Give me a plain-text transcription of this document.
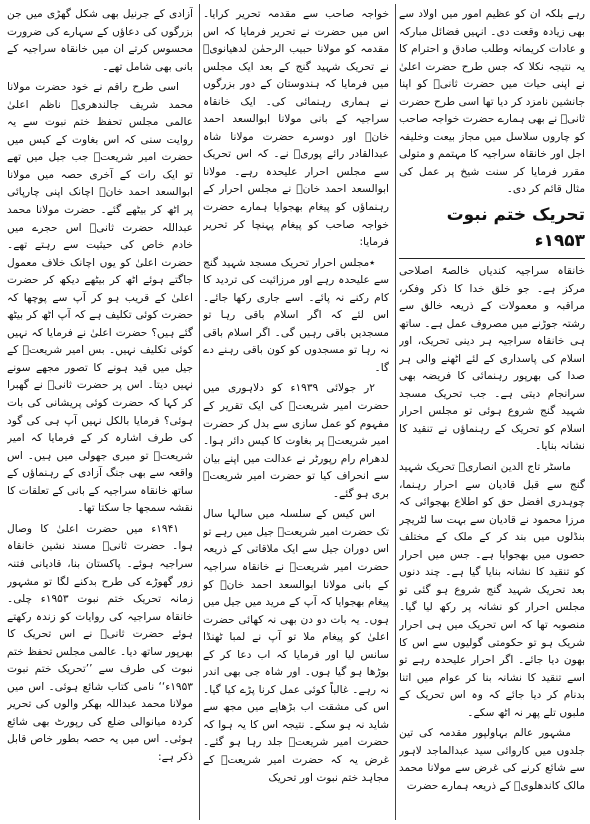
رہے بلکہ ان کو عظیم امور میں اولاد سے بھی زیادہ وقعت دی۔ انہیں فضائل مبارکہ و عادات کریمانہ وطلب صادق و احترام کا یہ نتیجہ نکلا کہ جس طرح حضرت اعلیٰ نے اپنی حیات میں حضرت ثانیؒ کو اپنا جانشین نامزد کر دیا تھا اسی طرح حضرت ثانیؒ نے بھی ہمارے حضرت خواجہ صاحب کو چاروں سلاسل میں مجاز بیعت وخلیفہ اجل اور خانقاہ سراجیہ کا مہتمم و متولی مقرر فرمایا کر سنت شیخ پر عمل کی مثال قائم کر دی۔

تحریک ختم نبوت ۱۹۵۳ء

خانقاہ سراجیہ کندیاں خالصۃً اصلاحی مرکز ہے۔ جو خلق خدا کا ذکر وفکر، مراقبہ و معمولات کے ذریعہ خالق سے رشتہ جوڑنے میں مصروف عمل ہے۔ ساتھ ہی خانقاہ سراجیہ ہر دینی تحریک، اور اسلام کی پاسداری کے لئے اٹھنے والی ہر صدا کی بھرپور رہنمائی کا فریضہ بھی سرانجام دیتی ہے۔ جب تحریک مسجد شہید گنج شروع ہوئی تو مجلس احرار اسلام کو تحریک کے رہنماؤں نے تنقید کا نشانہ بنایا۔

ماسٹر تاج الدین انصاریؒ تحریک شہید گنج سے قبل قادیان سے احرار رہنما، چوہدری افضل حق کو اطلاع بھجوائی کہ مرزا محمود نے قادیان سے بہت سا لٹریچر بنڈلوں میں بند کر کے ملک کے مختلف حصوں میں بھجوایا ہے۔ جس میں احرار کو تنقید کا نشانہ بنایا گیا ہے۔ چند دنوں بعد تحریک شہید گنج شروع ہو گئی تو مجلس احرار کو نشانہ پر رکھ لیا گیا۔ منصوبہ تھا کہ اس تحریک میں ہی احرار شریک ہو تو حکومتی گولیوں سے اس کا بھون دیا جائے۔ اگر احرار علیحدہ رہے تو اسے تنقید کا نشانہ بنا کر عوام میں اتنا بدنام کر دیا جائے کہ وہ اس تحریک کے ملبوں تلے پھر نہ اٹھ سکے۔

مشہور عالم بہاولپور مقدمہ کی تین جلدوں میں کاروائی سید عبدالماجد لاہور سے شائع کرنے کی غرض سے مولانا محمد مالک کاندھلویؒ کے ذریعہ ہمارے حضرت

خواجہ صاحب سے مقدمہ تحریر کرایا۔ اس میں حضرت نے تحریر فرمایا کہ اس مقدمہ کو مولانا حبیب الرحمٰن لدھیانویؒ نے تحریک شہید گنج کے بعد ایک مجلس میں فرمایا کہ ہندوستان کے دور بزرگوں نے ہماری رہنمائی کی۔ ایک خانقاہ سراجیہ کے بانی مولانا ابوالسعد احمد خانؒ اور دوسرے حضرت مولانا شاہ عبدالقادر رائے پوریؒ نے۔ کہ اس تحریک سے مجلس احرار علیحدہ رہے۔ مولانا ابوالسعد احمد خانؒ نے مجلس احرار کے رہنماؤں کو پیغام بھجوایا ہمارے حضرت خواجہ صاحب کو پیغام پہنچا کر تحریر فرمایا:

٭مجلس احرار تحریک مسجد شہید گنج سے علیحدہ رہے اور مرزائیت کی تردید کا کام رکنے نہ پائے۔ اسے جاری رکھا جائے۔ اس لئے کہ اگر اسلام باقی رہا تو مسجدیں باقی رہیں گی۔ اگر اسلام باقی نہ رہا تو مسجدوں کو کون باقی رہنے دے گا۔

۲ر جولائی ۱۹۳۹ء کو دلاہوری میں حضرت امیر شریعتؒ کی ایک تقریر کے مفہوم کو عمل سازی سے بدل کر حضرت امیر شریعتؒ پر بغاوت کا کیس دائر ہوا۔ لدھرام رام رپورٹر نے عدالت میں اپنے بیان سے انحراف کیا تو حضرت امیر شریعتؒ بری ہو گئے۔

اس کیس کے سلسلہ میں سالہا سال تک حضرت امیر شریعتؒ جیل میں رہے تو اس دوران جیل سے ایک ملاقاتی کے ذریعہ حضرت امیر شریعتؒ نے خانقاہ سراجیہ کے بانی مولانا ابوالسعد احمد خانؒ کو پیغام بھجوایا کہ آپ کے مرید میں جیل میں ہوں۔ یہ بات دو دن بھی نہ کھائی حضرت اعلیٰ کو پیغام ملا تو آپ نے لمبا ٹھنڈا سانس لیا اور فرمایا کہ اب دعا کر کے بوڑھا ہو گیا ہوں۔ اور شاہ جی بھی اندر نہ رہے۔ غالباً کوئی عمل کرنا پڑے کیا گیا۔ اس کی مشقت اب بڑھاپے میں مجھ سے شاید نہ ہو سکے۔ نتیجہ اس کا یہ ہوا کہ حضرت امیر شریعتؒ جلد رہا ہو گئے۔ غرض یہ کہ حضرت امیر شریعتؒ کے مجاہد ختم نبوت اور تحریک

آزادی کے جرنیل بھی شکل گھڑی میں جن بزرگوں کی دعاؤں کے سہارے کی ضرورت محسوس کرتے ان میں خانقاہ سراجیہ کے بانی بھی شامل تھے۔

اسی طرح راقم نے خود حضرت مولانا محمد شریف جالندھریؒ ناظم اعلیٰ عالمی مجلس تحفظ ختم نبوت سے یہ روایت سنی کہ اس بغاوت کے کیس میں حضرت امیر شریعتؒ جب جیل میں تھے تو ایک رات کے آخری حصہ میں مولانا ابوالسعد احمد خانؒ اچانک اپنی چارپائی پر اٹھ کر بیٹھے گئے۔ حضرت مولانا محمد عبداللہ حضرت ثانیؒ اس حجرے میں خادم خاص کی حیثیت سے رہتے تھے۔ حضرت اعلیٰ کو یوں اچانک خلاف معمول جاگتے ہوئے اٹھ کر بیٹھے دیکھ کر حضرت اعلیٰ کے قریب ہو کر آپ سے پوچھا کہ حضرت کوئی تکلیف ہے کہ آپ اٹھ کر بیٹھ گئے ہیں؟ حضرت اعلیٰ نے فرمایا کہ نہیں کوئی تکلیف نہیں۔ بس امیر شریعتؒ کے جیل میں قید ہونے کا تصور مجھے سونے نہیں دیتا۔ اس پر حضرت ثانیؒ نے گھبرا کر کہا کہ حضرت کوئی پریشانی کی بات ہوئی؟ فرمایا بالکل نہیں آپ ہی کی گود کی طرف اشارہ کر کے فرمایا کہ امیر شریعتؒ تو میری جھولی میں ہیں۔ اس واقعہ سے بھی جنگ آزادی کے رہنماؤں کے ساتھ خانقاہ سراجیہ کے بانی کے تعلقات کا نقشہ سمجھا جا سکتا تھا۔

۱۹۴۱ء میں حضرت اعلیٰ کا وصال ہوا۔ حضرت ثانیؒ مسند نشین خانقاہ سراجیہ ہوئے۔ پاکستان بنا، قادیانی فتنہ زور گھوڑے کی طرح بدکنے لگا تو مشہور زمانہ تحریک ختم نبوت ۱۹۵۳ء چلی۔ خانقاہ سراجیہ کی روایات کو زندہ رکھتے ہوئے حضرت ثانیؒ نے اس تحریک کا بھرپور ساتھ دیا۔ عالمی مجلس تحفظ ختم نبوت کی طرف سے ’’تحریک ختم نبوت ۱۹۵۳ء‘‘ نامی کتاب شائع ہوئی۔ اس میں مولانا محمد عبداللہ بھکر والوں کی تحریر کردہ میانوالی ضلع کی رپورٹ بھی شائع ہوئی۔ اس میں یہ حصہ بطور خاص قابل ذکر ہے:
